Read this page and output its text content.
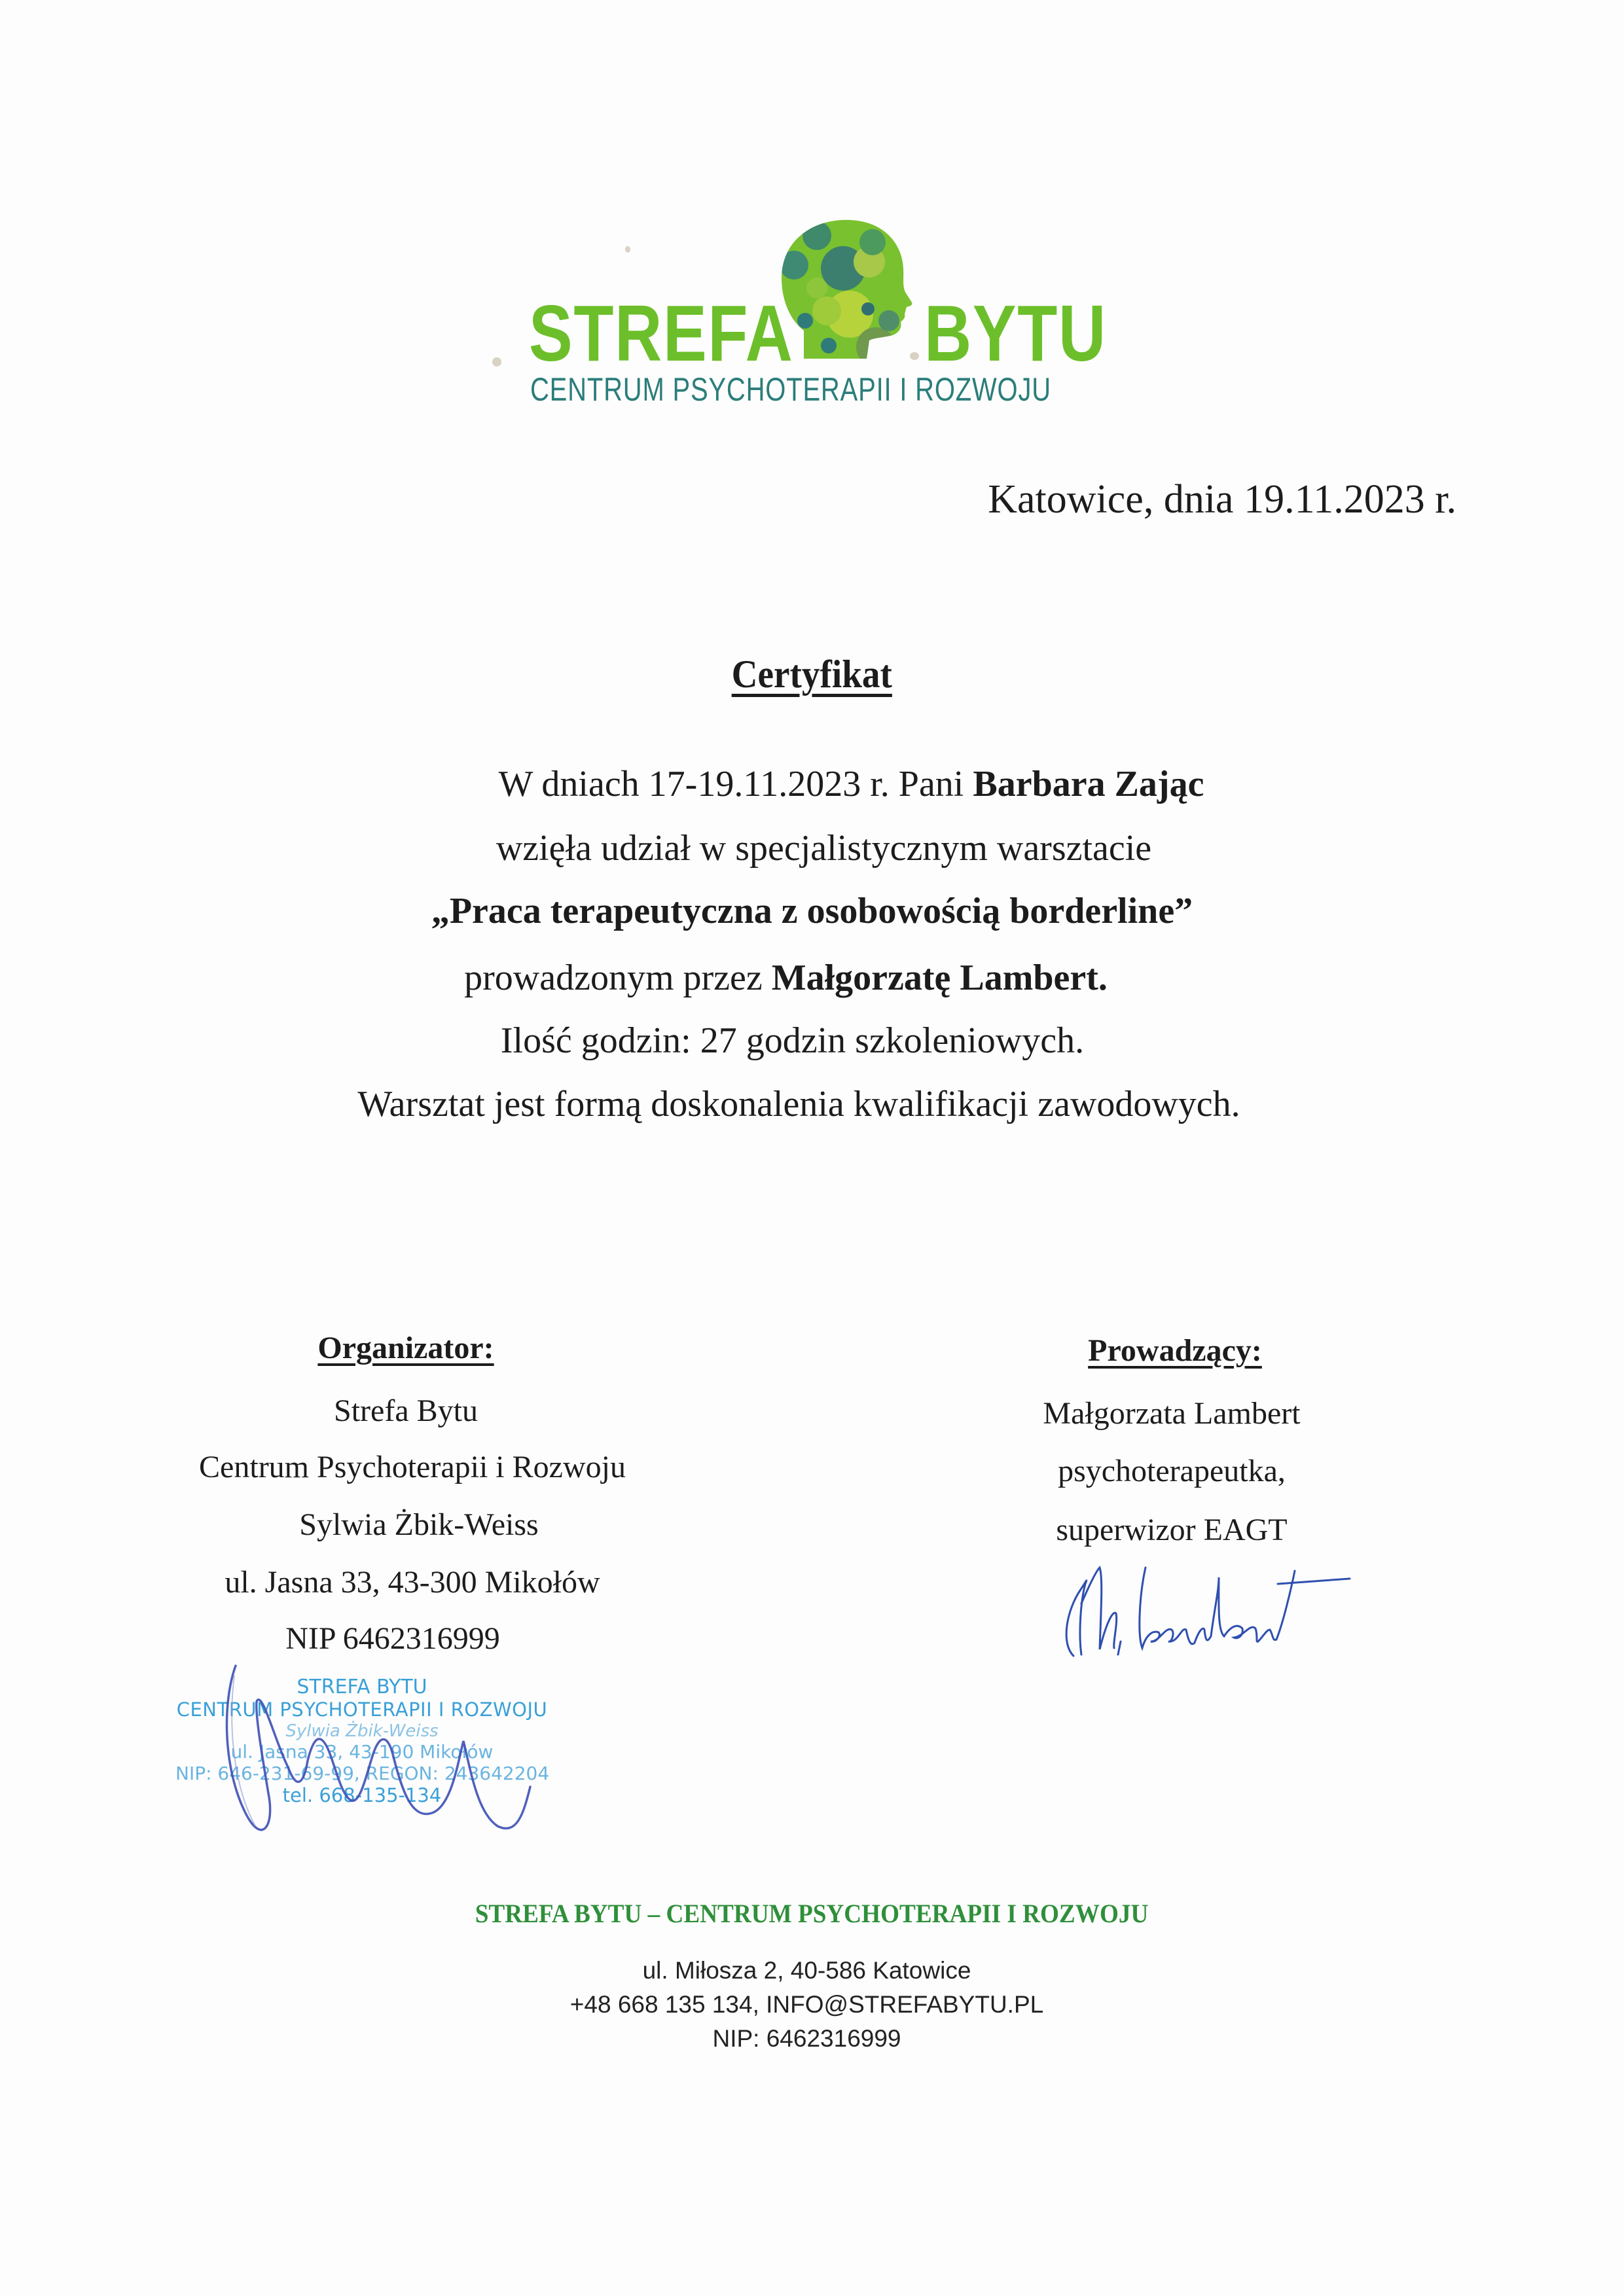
STREFA BYTU
CENTRUM PSYCHOTERAPII I ROZWOJU
Katowice, dnia 19.11.2023 r.
Certyfikat
W dniach 17-19.11.2023 r. Pani Barbara Zając
wzięła udział w specjalistycznym warsztacie
„Praca terapeutyczna z osobowością borderline”
prowadzonym przez Małgorzatę Lambert.
Ilość godzin: 27 godzin szkoleniowych.
Warsztat jest formą doskonalenia kwalifikacji zawodowych.
Organizator:
Strefa Bytu
Centrum Psychoterapii i Rozwoju
Sylwia Żbik-Weiss
ul. Jasna 33, 43-300 Mikołów
NIP 6462316999
STREFA BYTU
CENTRUM PSYCHOTERAPII I ROZWOJU
Sylwia Żbik-Weiss
ul. Jasna 33, 43-190 Mikołów
NIP: 646-231-69-99, REGON: 243642204
tel. 668-135-134
Prowadzący:
Małgorzata Lambert
psychoterapeutka,
superwizor EAGT
STREFA BYTU – CENTRUM PSYCHOTERAPII I ROZWOJU
ul. Miłosza 2, 40-586 Katowice
+48 668 135 134, INFO@STREFABYTU.PL
NIP: 6462316999
